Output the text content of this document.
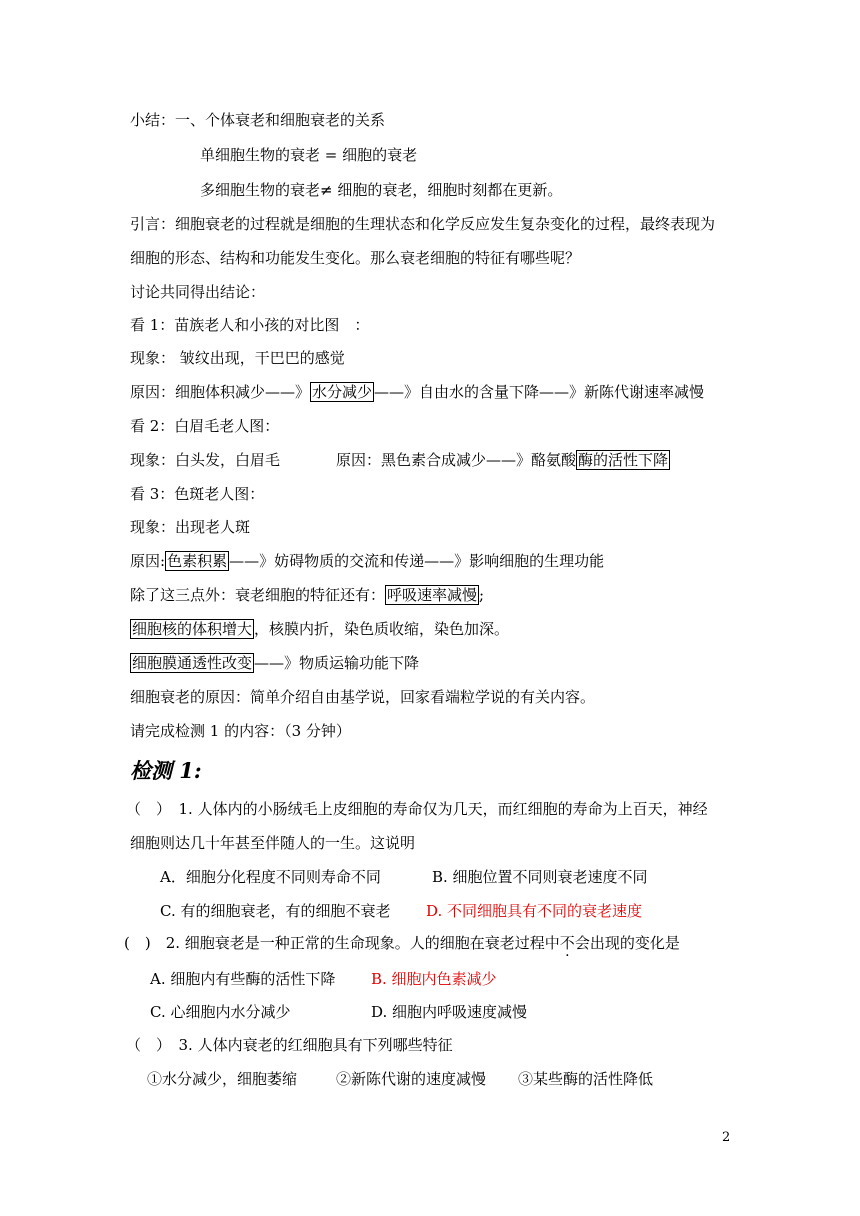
小结：一、个体衰老和细胞衰老的关系
单细胞生物的衰老 = 细胞的衰老
多细胞生物的衰老≠ 细胞的衰老，细胞时刻都在更新。
引言：细胞衰老的过程就是细胞的生理状态和化学反应发生复杂变化的过程，最终表现为
细胞的形态、结构和功能发生变化。那么衰老细胞的特征有哪些呢？
讨论共同得出结论：
看 1：苗族老人和小孩的对比图　：
现象： 皱纹出现，干巴巴的感觉
原因：细胞体积减少——》 水分减少 ——》自由水的含量下降——》新陈代谢速率减慢
看 2：白眉毛老人图：
现象：白头发，白眉毛	原因：黑色素合成减少——》酪氨酸 酶的活性下降
看 3：色斑老人图：
现象：出现老人斑
原因: 色素积累 ——》妨碍物质的交流和传递——》影响细胞的生理功能
除了这三点外：衰老细胞的特征还有： 呼吸速率减慢 ;
细胞核的体积增大 ，核膜内折，染色质收缩，染色加深。
细胞膜通透性改变 ——》物质运输功能下降
细胞衰老的原因：简单介绍自由基学说，回家看端粒学说的有关内容。
请完成检测 1 的内容：（3 分钟）
检测 1:
（　）　1. 人体内的小肠绒毛上皮细胞的寿命仅为几天，而红细胞的寿命为上百天，神经
细胞则达几十年甚至伴随人的一生。这说明
A．细胞分化程度不同则寿命不同	B. 细胞位置不同则衰老速度不同
C. 有的细胞衰老，有的细胞不衰老 D. 不同细胞具有不同的衰老速度
(　)　2. 细胞衰老是一种正常的生命现象。人的细胞在衰老过程中不会出现的变化是
A. 细胞内有些酶的活性下降 B. 细胞内色素减少
C. 心细胞内水分减少	D. 细胞内呼吸速度减慢
（　）　3. 人体内衰老的红细胞具有下列哪些特征
①水分减少，细胞萎缩	②新陈代谢的速度减慢 ③某些酶的活性降低
2
